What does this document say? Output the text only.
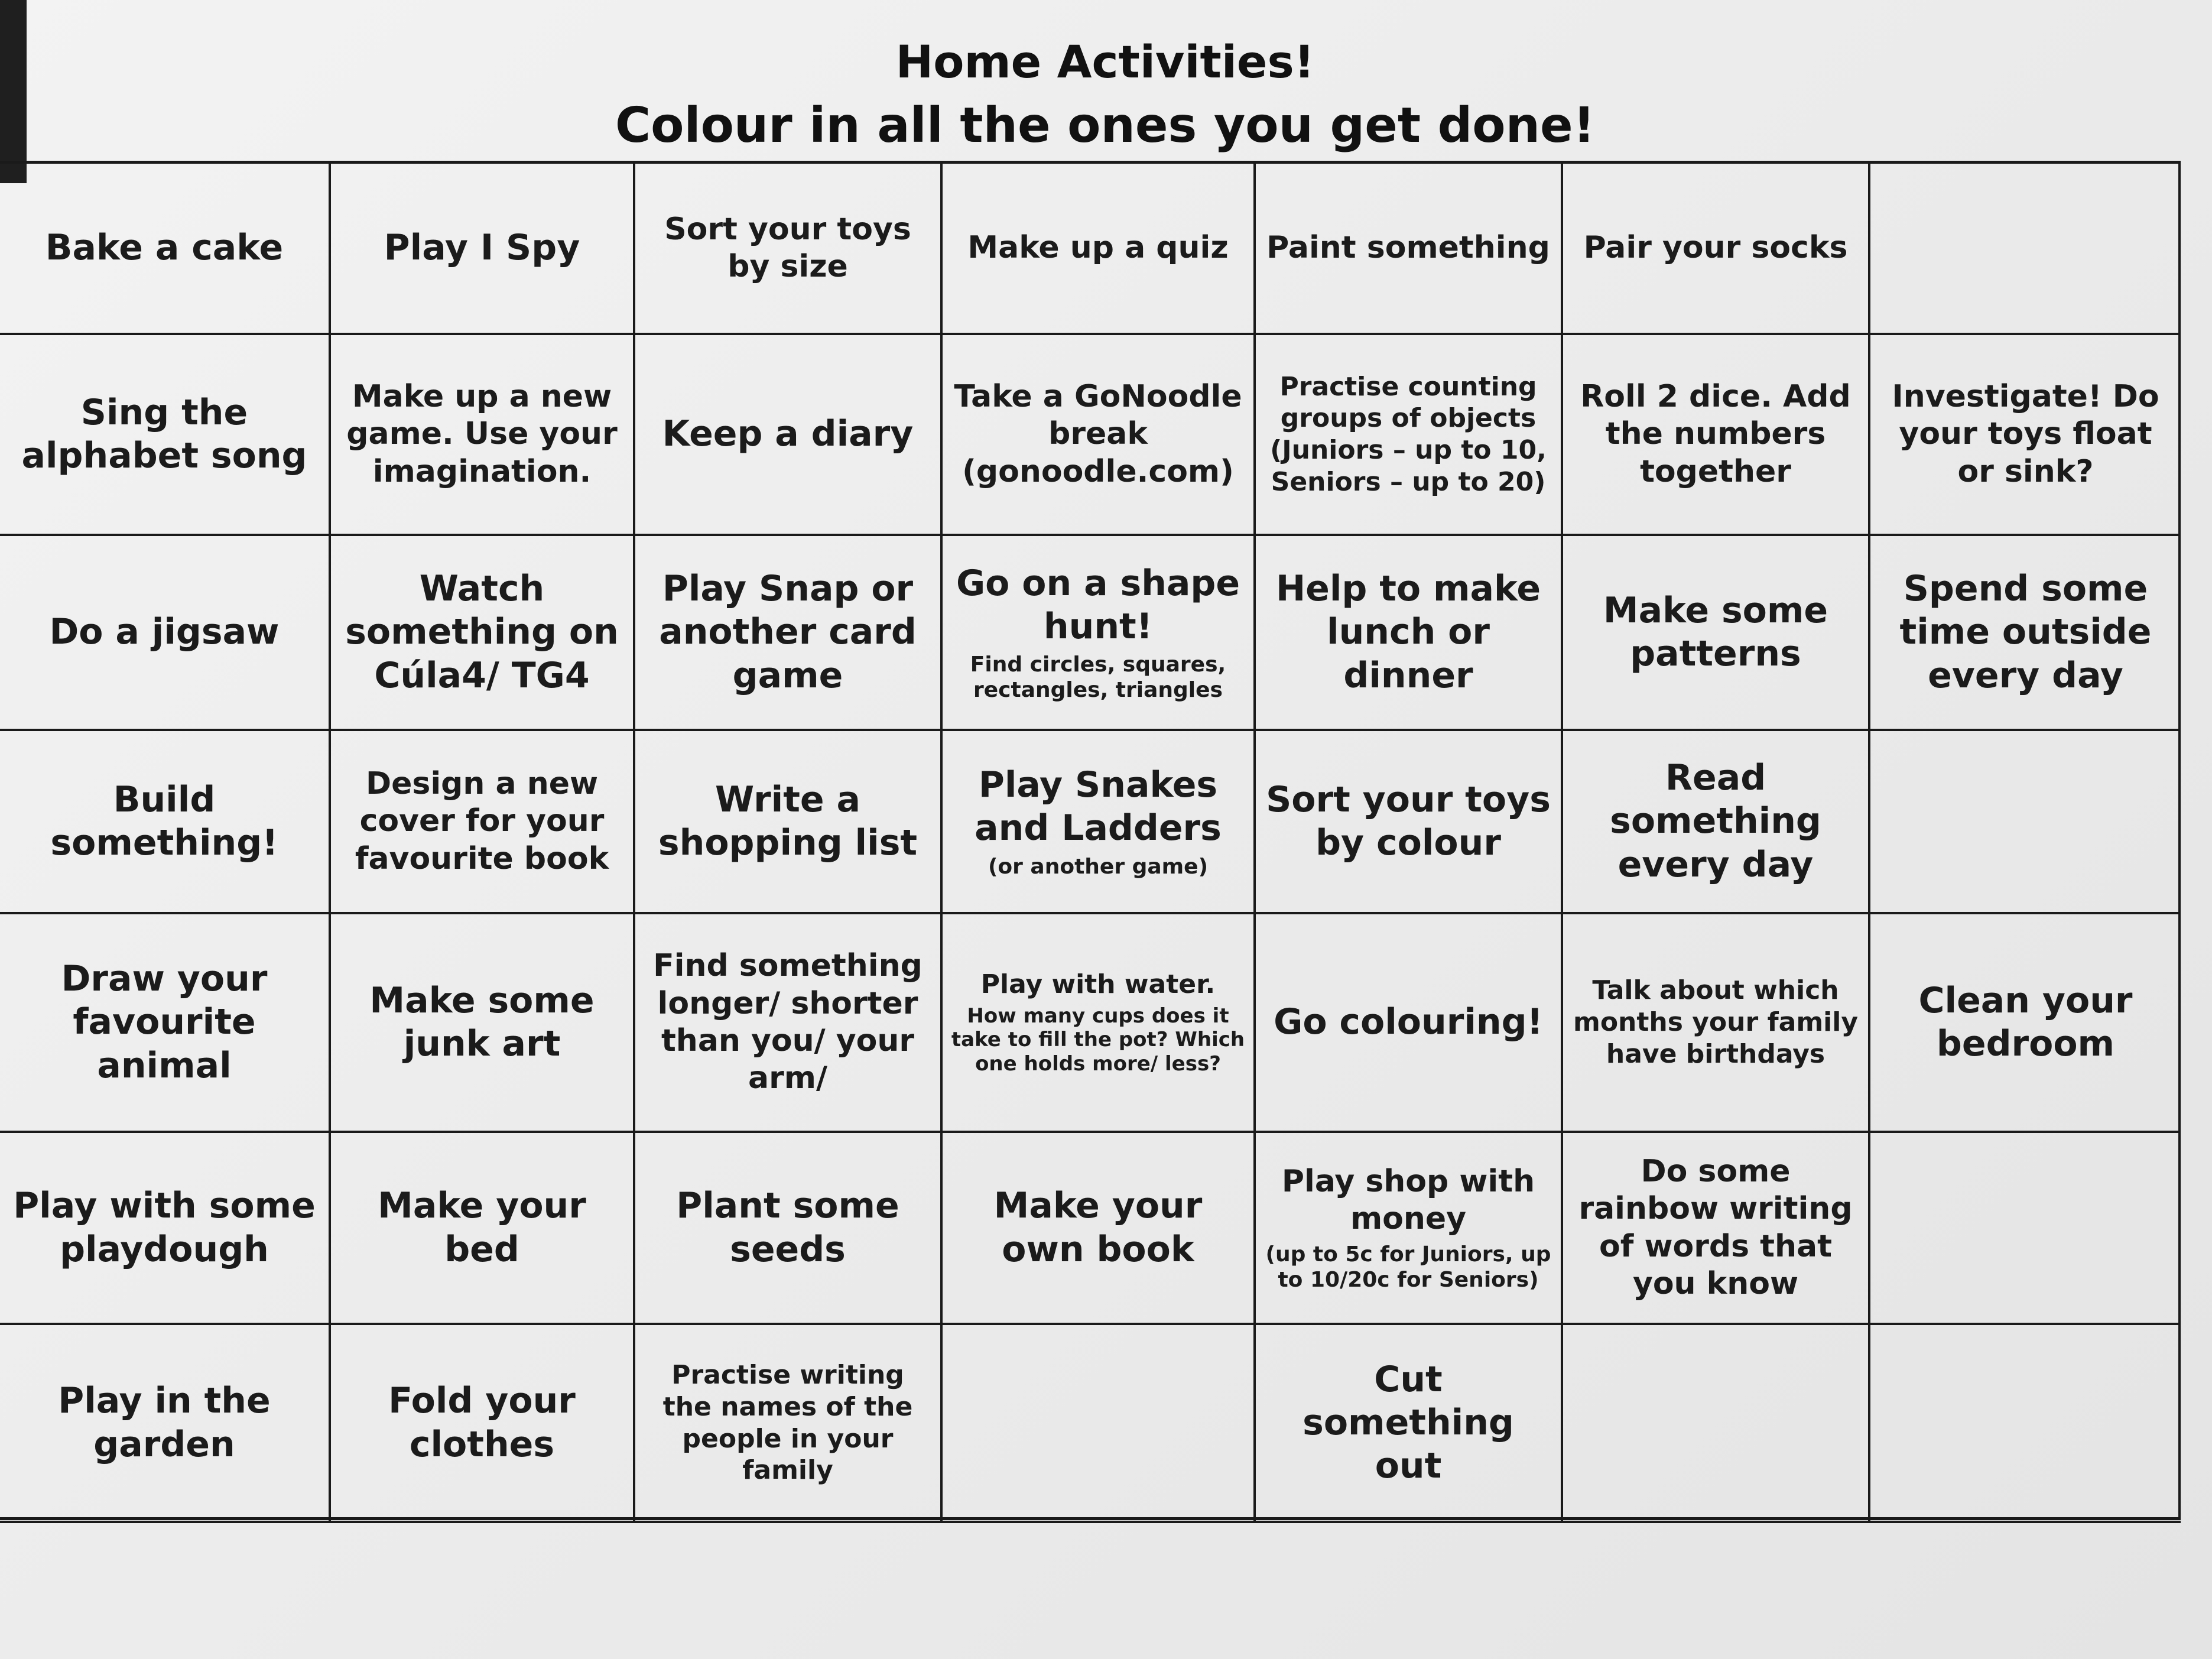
Home Activities!
Colour in all the ones you get done!
Bake a cake	Play I Spy	Sort your toys by size
Make up a quiz Paint something Pair your socks
Sing the alphabet song
Make up a new game. Use your imagination.
Keep a diary
Take a GoNoodle break (gonoodle.com)
Practise counting groups of objects (Juniors – up to 10, Seniors – up to 20)
Roll 2 dice. Add the numbers together
Investigate! Do your toys float or sink?
Do a jigsaw
Watch something on Cúla4/ TG4
Play Snap or another card game
Go on a shape hunt!
Find circles, squares, rectangles, triangles
Help to make lunch or dinner
Make some patterns
Spend some time outside every day
Build something!
Design a new cover for your favourite book
Write a shopping list
Play Snakes and Ladders
(or another game)
Sort your toys by colour
Read something every day
Draw your favourite animal
Make some junk art
Find something longer/ shorter than you/ your arm/
Play with water.
How many cups does it take to fill the pot? Which one holds more/ less?
Go colouring!
Talk about which months your family have birthdays
Clean your bedroom
Play with some playdough
Make your bed
Plant some seeds
Make your own book
Play shop with money
(up to 5c for Juniors, up to 10/20c for Seniors)
Do some rainbow writing of words that you know
Play in the garden
Fold your clothes
Practise writing the names of the people in your family
Cut something out
